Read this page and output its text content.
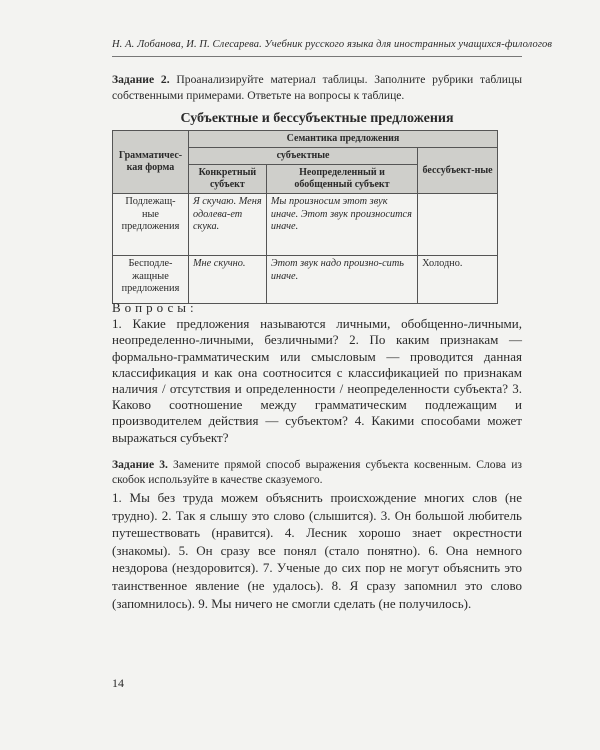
Н. А. Лобанова, И. П. Слесарева. Учебник русского языка для иностранных учащихся-филологов

Задание 2. Проанализируйте материал таблицы. Заполните рубрики таблицы собственными примерами. Ответьте на вопросы к таблице.

Субъектные и бессубъектные предложения
Грамматичес-кая форма	Семантика предложения		
	субъектные		бессубъект-ные
	Конкретный субъект	Неопределенный и обобщенный субъект	
Подлежащ-ные предложения	Я скучаю. Меня одолева-ет скука.	Мы произносим этот звук иначе. Этот звук произносится иначе.	
Бесподле-жащные предложения	Мне скучно.	Этот звук надо произно-сить иначе.	Холодно.
Вопросы:
1. Какие предложения называются личными, обобщенно-личными, неопределенно-личными, безличными? 2. По каким признакам — формально-грамматическим или смысловым — проводится данная классификация и как она соотносится с классификацией по признакам наличия / отсутствия и определенности / неопределенности субъекта? 3. Каково соотношение между грамматическим подлежащим и производителем действия — субъектом? 4. Какими способами может выражаться субъект?

Задание 3. Замените прямой способ выражения субъекта косвенным. Слова из скобок используйте в качестве сказуемого.

1. Мы без труда можем объяснить происхождение многих слов (не трудно). 2. Так я слышу это слово (слышится). 3. Он большой любитель путешествовать (нравится). 4. Лесник хорошо знает окрестности (знакомы). 5. Он сразу все понял (стало понятно). 6. Она немного нездорова (нездоровится). 7. Ученые до сих пор не могут объяснить это таинственное явление (не удалось). 8. Я сразу запомнил это слово (запомнилось). 9. Мы ничего не смогли сделать (не получилось).

14
